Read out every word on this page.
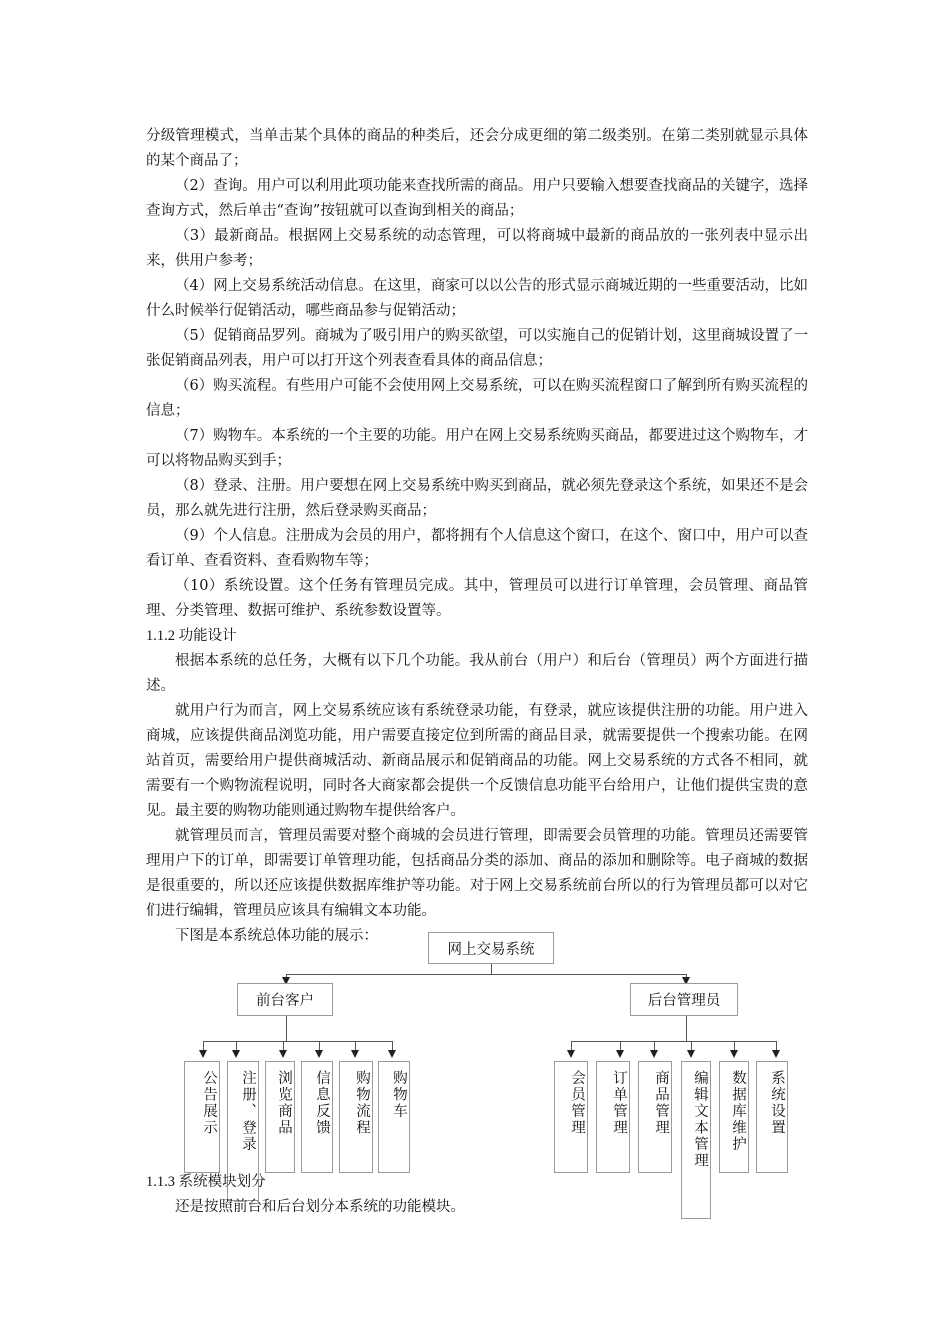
分级管理模式，当单击某个具体的商品的种类后，还会分成更细的第二级类别。在第二类别就显示具体的某个商品了；

（2）查询。用户可以利用此项功能来查找所需的商品。用户只要输入想要查找商品的关键字，选择查询方式，然后单击“查询”按钮就可以查询到相关的商品；

（3）最新商品。根据网上交易系统的动态管理，可以将商城中最新的商品放的一张列表中显示出来，供用户参考；

（4）网上交易系统活动信息。在这里，商家可以以公告的形式显示商城近期的一些重要活动，比如什么时候举行促销活动，哪些商品参与促销活动；

（5）促销商品罗列。商城为了吸引用户的购买欲望，可以实施自己的促销计划，这里商城设置了一张促销商品列表，用户可以打开这个列表查看具体的商品信息；

（6）购买流程。有些用户可能不会使用网上交易系统，可以在购买流程窗口了解到所有购买流程的信息；

（7）购物车。本系统的一个主要的功能。用户在网上交易系统购买商品，都要进过这个购物车，才可以将物品购买到手；

（8）登录、注册。用户要想在网上交易系统中购买到商品，就必须先登录这个系统，如果还不是会员，那么就先进行注册，然后登录购买商品；

（9）个人信息。注册成为会员的用户，都将拥有个人信息这个窗口，在这个、窗口中，用户可以查看订单、查看资料、查看购物车等；

（10）系统设置。这个任务有管理员完成。其中，管理员可以进行订单管理，会员管理、商品管理、分类管理、数据可维护、系统参数设置等。

1.1.2 功能设计

根据本系统的总任务，大概有以下几个功能。我从前台（用户）和后台（管理员）两个方面进行描述。

就用户行为而言，网上交易系统应该有系统登录功能，有登录，就应该提供注册的功能。用户进入商城，应该提供商品浏览功能，用户需要直接定位到所需的商品目录，就需要提供一个搜索功能。在网站首页，需要给用户提供商城活动、新商品展示和促销商品的功能。网上交易系统的方式各不相同，就需要有一个购物流程说明，同时各大商家都会提供一个反馈信息功能平台给用户，让他们提供宝贵的意见。最主要的购物功能则通过购物车提供给客户。

就管理员而言，管理员需要对整个商城的会员进行管理，即需要会员管理的功能。管理员还需要管理用户下的订单，即需要订单管理功能，包括商品分类的添加、商品的添加和删除等。电子商城的数据是很重要的，所以还应该提供数据库维护等功能。对于网上交易系统前台所以的行为管理员都可以对它们进行编辑，管理员应该具有编辑文本功能。

下图是本系统总体功能的展示：

网上交易系统
前台客户	后台管理员
公告展示 注册、登录 浏览商品 信息反馈 购物流程 购物车	会员管理 订单管理 商品管理 编辑文本管理 数据库维护 系统设置

1.1.3 系统模块划分

还是按照前台和后台划分本系统的功能模块。
